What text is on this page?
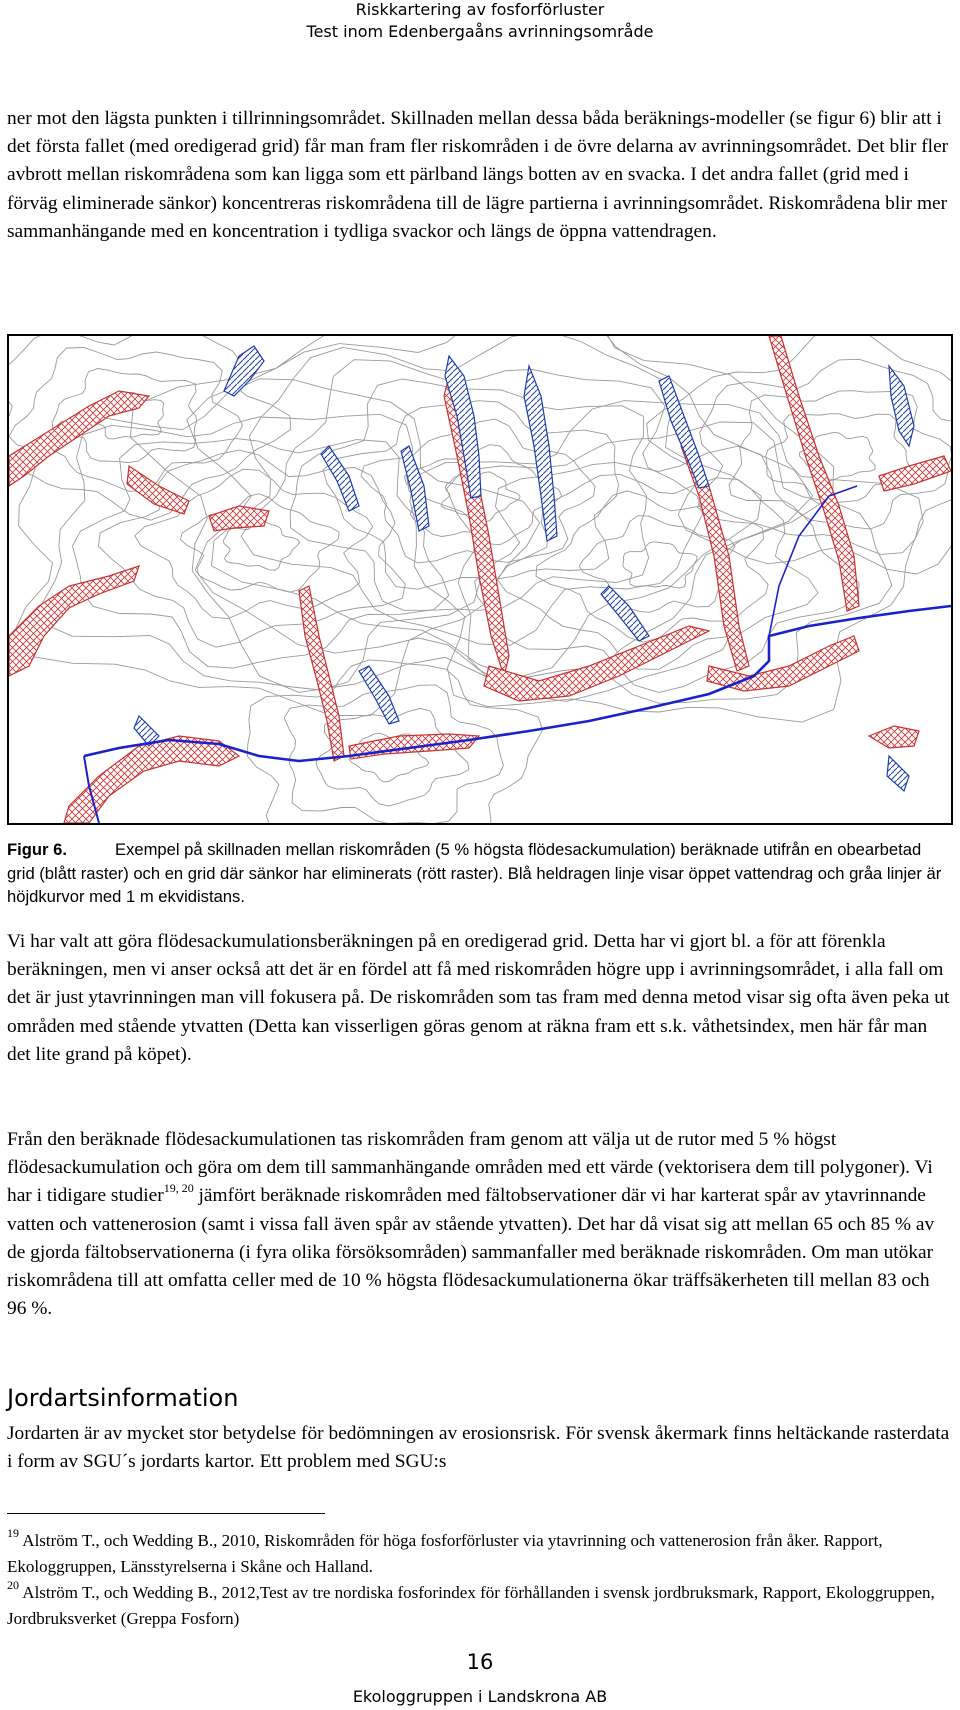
Riskkartering av fosforförluster
Test inom Edenbergaåns avrinningsområde

ner mot den lägsta punkten i tillrinningsområdet. Skillnaden mellan dessa båda beräknings-modeller (se figur 6) blir att i det första fallet (med oredigerad grid) får man fram fler riskområden i de övre delarna av avrinningsområdet. Det blir fler avbrott mellan riskområdena som kan ligga som ett pärlband längs botten av en svacka. I det andra fallet (grid med i förväg eliminerade sänkor) koncentreras riskområdena till de lägre partierna i avrinningsområdet. Riskområdena blir mer sammanhängande med en koncentration i tydliga svackor och längs de öppna vattendragen.

Figur 6.	Exempel på skillnaden mellan riskområden (5 % högsta flödesackumulation) beräknade utifrån en obearbetad grid (blått raster) och en grid där sänkor har eliminerats (rött raster). Blå heldragen linje visar öppet vattendrag och gråa linjer är höjdkurvor med 1 m ekvidistans.

Vi har valt att göra flödesackumulationsberäkningen på en oredigerad grid. Detta har vi gjort bl. a för att förenkla beräkningen, men vi anser också att det är en fördel att få med riskområden högre upp i avrinningsområdet, i alla fall om det är just ytavrinningen man vill fokusera på. De riskområden som tas fram med denna metod visar sig ofta även peka ut områden med stående ytvatten (Detta kan visserligen göras genom at räkna fram ett s.k. våthetsindex, men här får man det lite grand på köpet).

Från den beräknade flödesackumulationen tas riskområden fram genom att välja ut de rutor med 5 % högst flödesackumulation och göra om dem till sammanhängande områden med ett värde (vektorisera dem till polygoner). Vi har i tidigare studier$^{19, 20}$ jämfört beräknade riskområden med fältobservationer där vi har karterat spår av ytavrinnande vatten och vattenerosion (samt i vissa fall även spår av stående ytvatten). Det har då visat sig att mellan 65 och 85 % av de gjorda fältobservationerna (i fyra olika försöksområden) sammanfaller med beräknade riskområden. Om man utökar riskområdena till att omfatta celler med de 10 % högsta flödesackumulationerna ökar träffsäkerheten till mellan 83 och 96 %.

Jordartsinformation

Jordarten är av mycket stor betydelse för bedömningen av erosionsrisk. För svensk åkermark finns heltäckande rasterdata i form av SGU´s jordarts kartor. Ett problem med SGU:s

$^{19}$ Alström T., och Wedding B., 2010, Riskområden för höga fosforförluster via ytavrinning och vattenerosion från åker. Rapport, Ekologgruppen, Länsstyrelserna i Skåne och Halland.

$^{20}$ Alström T., och Wedding B., 2012,Test av tre nordiska fosforindex för förhållanden i svensk jordbruksmark, Rapport, Ekologgruppen, Jordbruksverket (Greppa Fosforn)

16
Ekologgruppen i Landskrona AB
